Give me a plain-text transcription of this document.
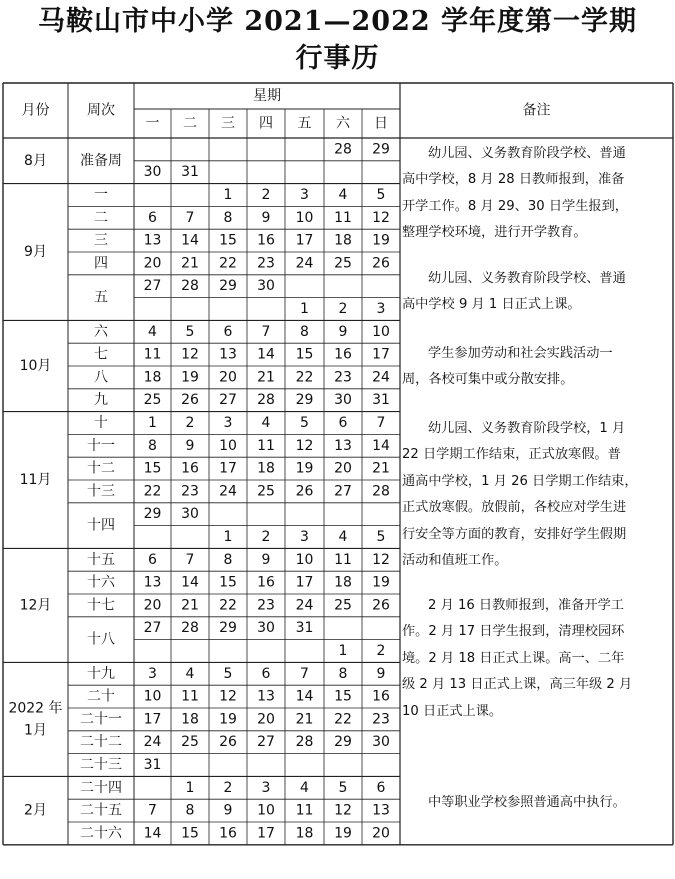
马鞍山市中小学 2021—2022 学年度第一学期
行事历
月份	周次
星期
一 二 三 四 五 六 日
备注
28 29
30 31
准备周
8月
1 2 3 4 5
一
6 7 8 9 10 11 12
二
13 14 15 16 17 18 19
三
20 21 22 23 24 25 26
四
27 28 29 30
1 2 3
五
9月
4 5 6 7 8 9 10
六
11 12 13 14 15 16 17
七
18 19 20 21 22 23 24
八
25 26 27 28 29 30 31
九
10月
1 2 3 4 5 6 7
十
8 9 10 11 12 13 14
十一
15 16 17 18 19 20 21
十二
22 23 24 25 26 27 28
十三
29 30
1 2 3 4 5
十四
11月
6 7 8 9 10 11 12
十五
13 14 15 16 17 18 19
十六
20 21 22 23 24 25 26
十七
27 28 29 30 31
1 2
十八
12月
3 4 5 6 7 8 9
十九
10 11 12 13 14 15 16
二十
17 18 19 20 21 22 23
二十一
24 25 26 27 28 29 30
二十二
31
二十三
2022 年
1月
1 2 3 4 5 6
二十四
7 8 9 10 11 12 13
二十五
14 15 16 17 18 19 20
二十六
2月
幼儿园、义务教育阶段学校、普通
高中学校，8 月 28 日教师报到，准备
开学工作。8 月 29、30 日学生报到，
整理学校环境，进行开学教育。
幼儿园、义务教育阶段学校、普通
高中学校 9 月 1 日正式上课。
学生参加劳动和社会实践活动一
周，各校可集中或分散安排。
幼儿园、义务教育阶段学校，1 月
22 日学期工作结束，正式放寒假。普
通高中学校，1 月 26 日学期工作结束，
正式放寒假。放假前，各校应对学生进
行安全等方面的教育，安排好学生假期
活动和值班工作。
2 月 16 日教师报到，准备开学工
作。2 月 17 日学生报到，清理校园环
境。2 月 18 日正式上课。高一、二年
级 2 月 13 日正式上课，高三年级 2 月
10 日正式上课。
中等职业学校参照普通高中执行。
